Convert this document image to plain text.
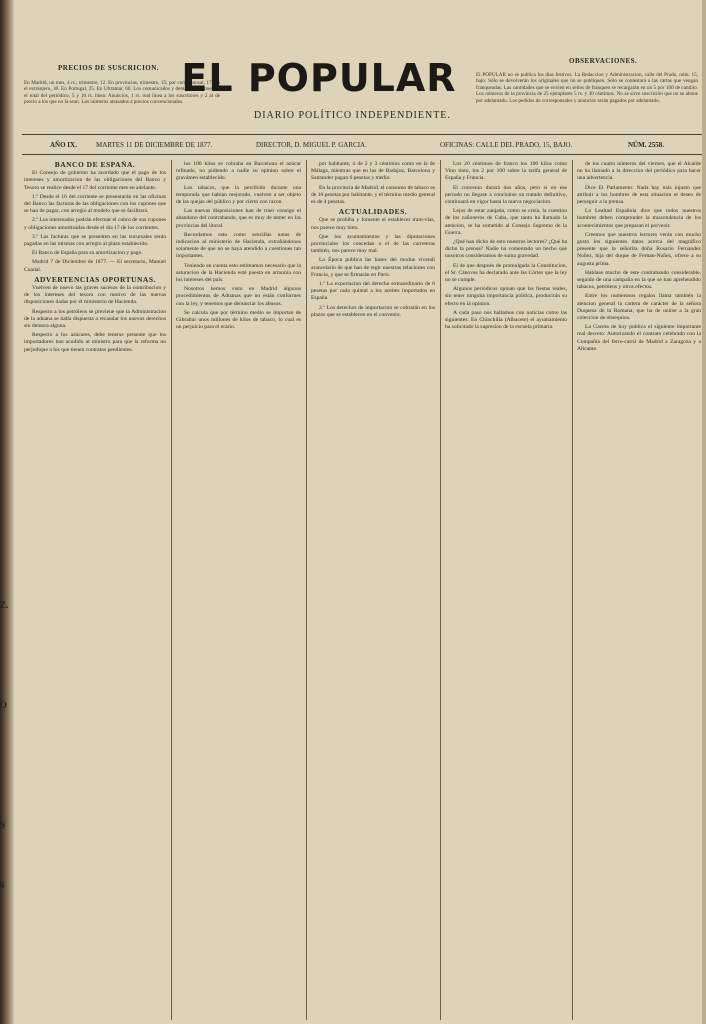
Z.
O
S
6
PRECIOS DE SUSCRICION.
En Madrid, un mes, 4 rs.; trimestre, 12. En provincias, trimestre, 15; por corresponsal, 17. En el extranjero, 30. En Portugal, 25. En Ultramar, 60. Los comunicados y demás inserciones en el total del periódico, 5 y 10 rs. línea. Anuncios, 1 rs. real línea a los suscritores y 2 al de precio a los que no la sean. Los números atrasados a precios convencionales.
EL POPULAR
DIARIO POLÍTICO INDEPENDIENTE.
OBSERVACIONES.
El POPULAR no se publica los días festivos. La Redaccion y Administracion, calle del Prado, núm. 15, bajo. Sólo se devolverán los originales que no se publiquen. Sólo se contestará a las cartas que vengan franqueadas. Las cantidades que se envíen en sellos de franqueo se recargarán en un 5 por 100 de cambio. Los números de la provincia de 25 ejemplares 5 rs. y 30 céntimos. No se sirve suscrición que no se abone por adelantado. Los pedidos de corresponsales y anuncios serán pagados por adelantado.
AÑO IX.	MARTES 11 DE DICIEMBRE DE 1877.	DIRECTOR, D. MIGUEL P. GARCIA.	OFICINAS: CALLE DEL PRADO, 15, BAJO.	NÚM. 2558.

BANCO DE ESPAÑA.

El Consejo de gobierno ha acordado que el pago de los intereses y amortizacion de las obligaciones del Banco y Tesoro se realice desde el 17 del corriente mes en adelante.

1.º Desde el 16 del corriente se presentarán en las oficinas del Banco las facturas de las obligaciones con los cupones que se han de pagar, con arreglo al modelo que se facilitará.

2.º Los interesados podrán efectuar el cobro de sus cupones y obligaciones amortizadas desde el día 17 de los corrientes.

3.º Las facturas que se presenten en las sucursales serán pagadas en las mismas con arreglo al plazo establecido.

El Banco de España para su amortizacion y pago.

Madrid 7 de Diciembre de 1877. — El secretario, Manuel Cuadal.

ADVERTENCIAS OPORTUNAS.

Vuelven de nuevo las graves sucesos de la contribucion y de los intereses del tesoro con motivo de las nuevas disposiciones dadas por el ministerio de Hacienda.

Respecto a los petróleos se previene que la Administracion de la aduana se halla dispuesta a recaudar los nuevos derechos sin demora alguna.

Respecto a los azúcares, debe tenerse presente que los importadores han acudido al ministro para que la reforma no perjudique a los que tienen contratos pendientes.

los 100 kilos se cobraba en Barcelona el azúcar refinado, no pidiendo a nadie su opinion sobre el gravámen establecido.

Los tabacos, que la percibido durante una temporada que habian mejorado, vuelven a ser objeto de las quejas del público y por cierto con razon.

Las nuevas disposiciones han de traer consigo el abandono del contrabando, que es muy de temer en las provincias del litoral.

Recordamos esto como sencillas notas de indicacion al ministerio de Hacienda, extrañándonos solamente de que no se haya atendido a cuestiones tan importantes.

Teniendo en cuenta esto estimamos necesario que la saturacion de la Hacienda esté puesta en armonía con los intereses del país.

Nosotros hemos visto en Madrid algunos procedimientos de Aduanas que no están conformes con la ley, y tenemos que denunciar los abusos.

Se calcula que por término medio se importan de Gibraltar unos millones de kilos de tabaco, lo cual es un perjuicio para el erario.

por habitante, ó de 2 y 3 céntimos como en la de Málaga, mientras que en las de Badajoz, Barcelona y Santander pagan 6 pesetas y medio.

En la provincia de Madrid, el consumo de tabaco es de 10 pesetas por habitante, y el término medio general es de 4 pesetas.

ACTUALIDADES.

Que se prohiba y fomente el establecer tram-vías, nos parece muy bien.

Que los ayuntamientos y las diputaciones provinciales los concedan a el de las carreteras también, nos parece muy mal.

La Época publica las bases del modus vivendi arancelario de que han de regir nuestras relaciones con Francia, y que se firmarán en París.

1.º La exportacion del derecho extraordinario de 6 pesetas por cada quintal a los aceites importados en España.

2.º Los derechos de importacion se cobrarán en los plazos que se establecen en el convenio.

Los 20 céntimos de franco los 100 kilos como Vino tinto, los 2 por 100 sobre la tarifa general de España y Francia.

El convenio durará dos años, pero si en ese período no llegase a concluirse un tratado definitivo, continuará en vigor hasta la nueva negociacion.

Lejos de estar zanjada, como se creía, la cuestion de los cañoneros de Cuba, que tanto ha llamado la atencion, se ha sometido al Consejo Supremo de la Guerra.

¿Qué han dicho de esto nuestros lectores? ¿Qué ha dicho la prensa? Nadie ha comentado un hecho que nosotros consideramos de suma gravedad.

El de que después de promulgada la Constitucion, el Sr. Cánovas ha declarado ante las Córtes que la ley no se cumple.

Algunos periódicos opinan que las fiestas reales, sin tener ninguna importancia política, producirán su efecto en la opinion.

A cada paso nos hallamos con noticias como las siguientes: En Chinchilla (Albacete) el ayuntamiento ha solicitado la supresion de la escuela primaria.

de los cuatro números del viernes, que el Alcalde no ha llamado a la direccion del periódico para hacer una advertencia.

Dice El Parlamento: Nada hay más injusto que atribuir a los hombres de esta situacion el deseo de perseguir a la prensa.

La Lealtad Española dice que todos nuestros hombres deben comprender la trascendencia de los acontecimientos que preparan el porvenir.

Creemos que nuestros lectores verán con mucho gusto los siguientes datos acerca del magnífico presente que la señorita doña Rosario Fernandez Nuñez, hija del duque de Fernan-Nuñez, ofrece a su augusta prima.

Hablase mucho de este contrabando considerable, seguido de una campaña en la que se han aprehendido tabacos, petróleos y otros efectos.

Entre los numerosos regalos llama también la atencion general la cartera de carácter de la señora Duquesa de la Romana, que ha de unirse a la gran coleccion de obsequios.

La Gaceta de hoy publica el siguiente importante real decreto: Autorizando el contrato celebrado con la Compañía del ferro-carril de Madrid a Zaragoza y a Alicante.
